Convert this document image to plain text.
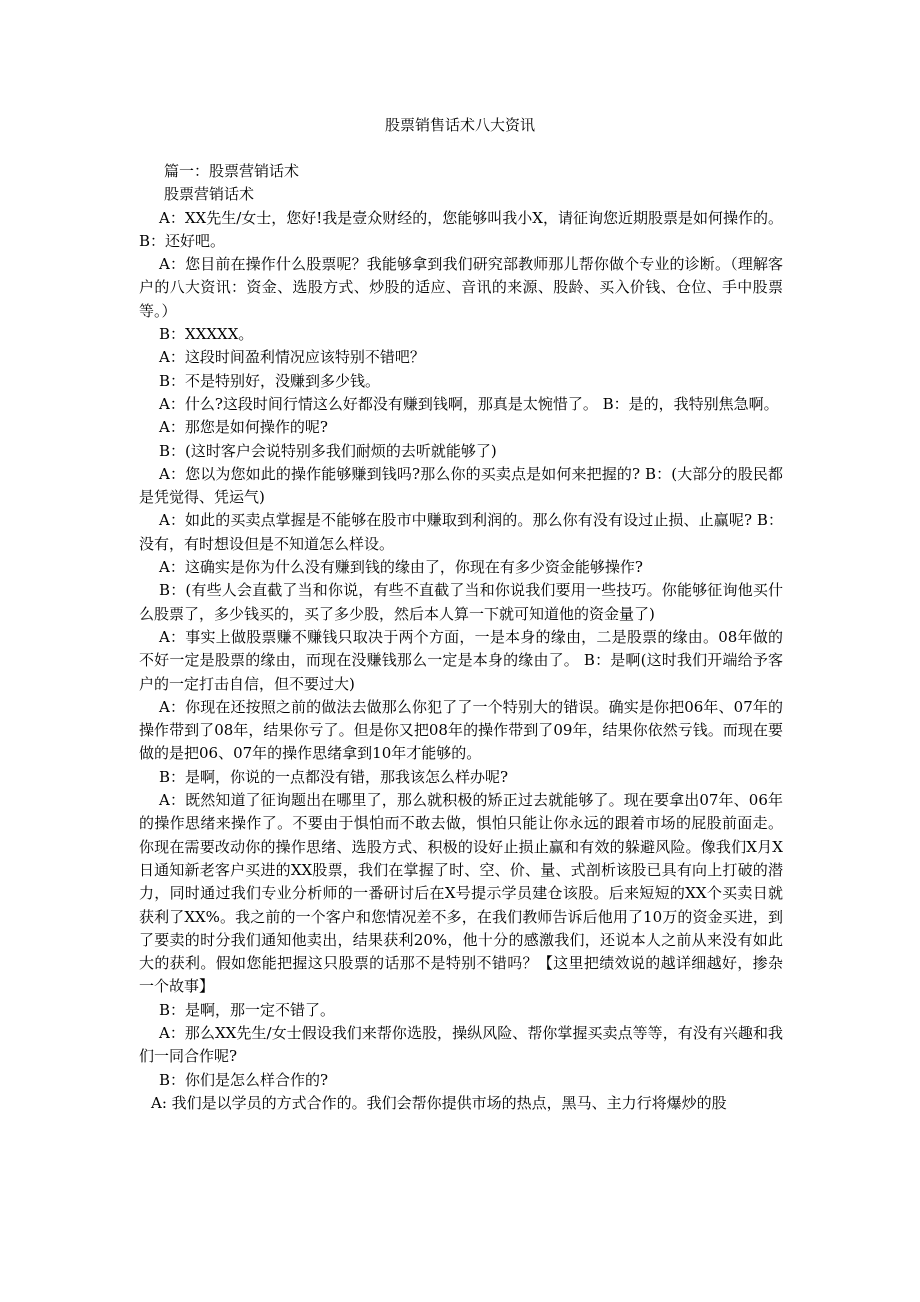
股票销售话术八大资讯

篇一：股票营销话术

股票营销话术

A：XX先生/女士，您好!我是壹众财经的，您能够叫我小X，请征询您近期股票是如何操作的。 B：还好吧。

A：您目前在操作什么股票呢？我能够拿到我们研究部教师那儿帮你做个专业的诊断。（理解客户的八大资讯：资金、选股方式、炒股的适应、音讯的来源、股龄、买入价钱、仓位、手中股票等。）

B：XXXXX。

A：这段时间盈利情况应该特别不错吧？

B：不是特别好，没赚到多少钱。

A：什么?这段时间行情这么好都没有赚到钱啊，那真是太惋惜了。 B：是的，我特别焦急啊。

A：那您是如何操作的呢?

B：(这时客户会说特别多我们耐烦的去听就能够了)

A：您以为您如此的操作能够赚到钱吗?那么你的买卖点是如何来把握的? B：(大部分的股民都是凭觉得、凭运气)

A：如此的买卖点掌握是不能够在股市中赚取到利润的。那么你有没有设过止损、止赢呢? B：没有，有时想设但是不知道怎么样设。

A：这确实是你为什么没有赚到钱的缘由了，你现在有多少资金能够操作?

B：(有些人会直截了当和你说，有些不直截了当和你说我们要用一些技巧。你能够征询他买什么股票了，多少钱买的，买了多少股，然后本人算一下就可知道他的资金量了)

A：事实上做股票赚不赚钱只取决于两个方面，一是本身的缘由，二是股票的缘由。08年做的不好一定是股票的缘由，而现在没赚钱那么一定是本身的缘由了。 B：是啊(这时我们开端给予客户的一定打击自信，但不要过大)

A：你现在还按照之前的做法去做那么你犯了了一个特别大的错误。确实是你把06年、07年的操作带到了08年，结果你亏了。但是你又把08年的操作带到了09年，结果你依然亏钱。而现在要做的是把06、07年的操作思绪拿到10年才能够的。

B：是啊，你说的一点都没有错，那我该怎么样办呢?

A：既然知道了征询题出在哪里了，那么就积极的矫正过去就能够了。现在要拿出07年、06年的操作思绪来操作了。不要由于惧怕而不敢去做，惧怕只能让你永远的跟着市场的屁股前面走。你现在需要改动你的操作思绪、选股方式、积极的设好止损止赢和有效的躲避风险。像我们X月X日通知新老客户买进的XX股票，我们在掌握了时、空、价、量、式剖析该股已具有向上打破的潜力，同时通过我们专业分析师的一番研讨后在X号提示学员建仓该股。后来短短的XX个买卖日就获利了XX%。我之前的一个客户和您情况差不多，在我们教师告诉后他用了10万的资金买进，到了要卖的时分我们通知他卖出，结果获利20%，他十分的感激我们，还说本人之前从来没有如此大的获利。假如您能把握这只股票的话那不是特别不错吗？【这里把绩效说的越详细越好，掺杂一个故事】

B：是啊，那一定不错了。

A：那么XX先生/女士假设我们来帮你选股，操纵风险、帮你掌握买卖点等等，有没有兴趣和我们一同合作呢?

B：你们是怎么样合作的?

A: 我们是以学员的方式合作的。我们会帮你提供市场的热点，黑马、主力行将爆炒的股
